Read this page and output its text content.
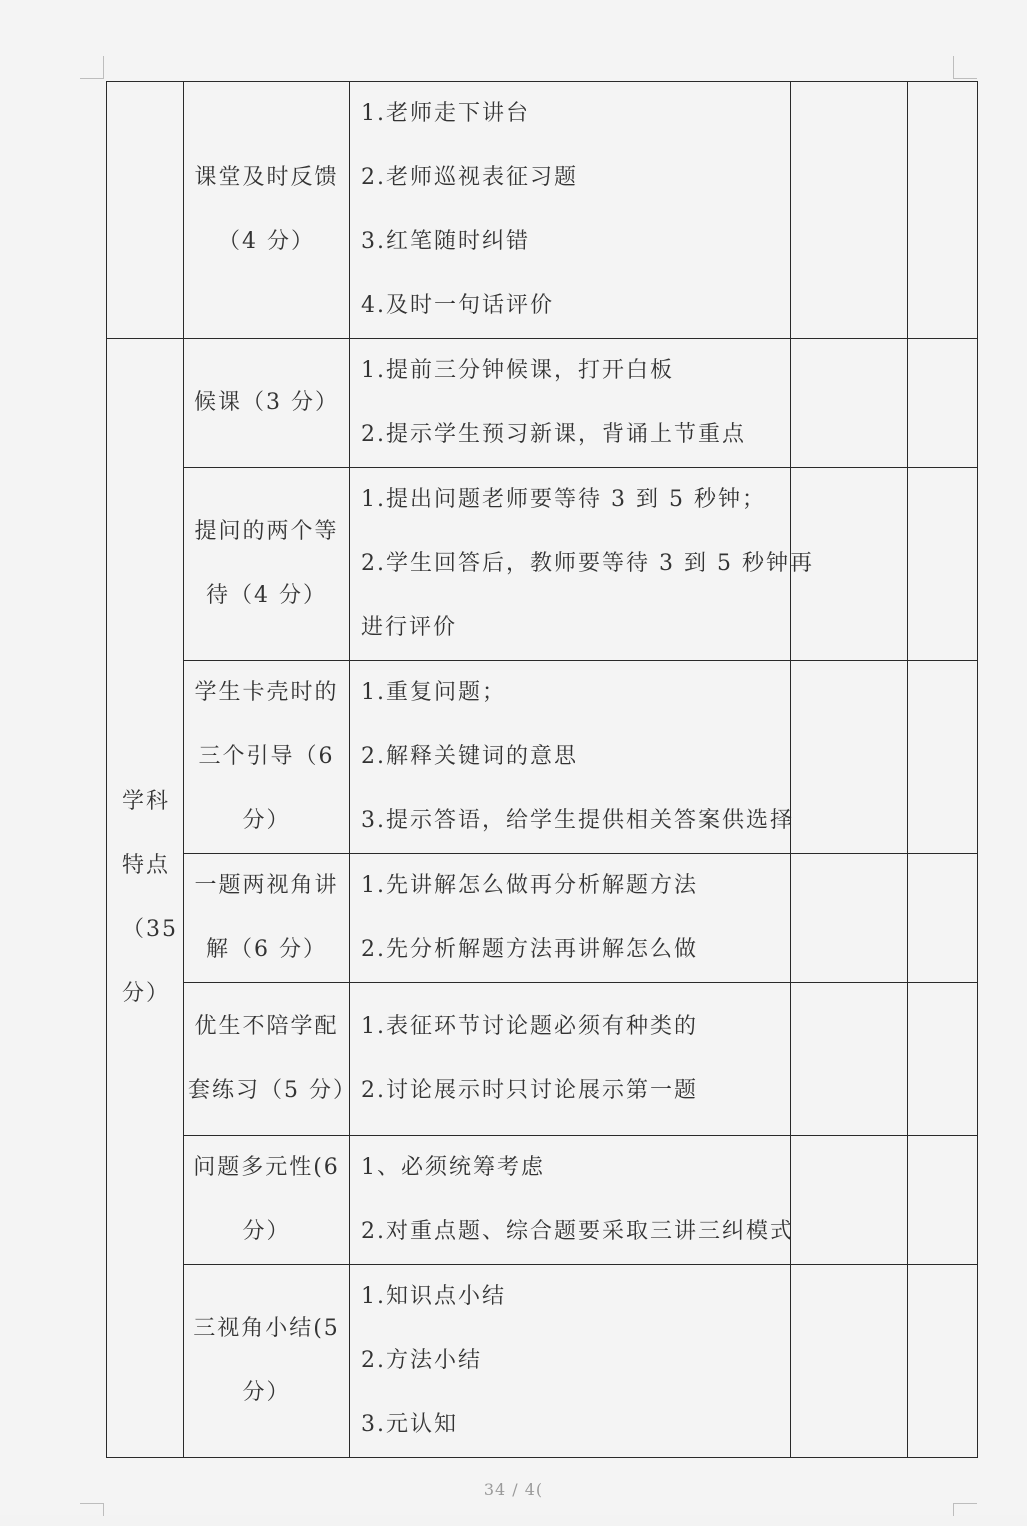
	课堂及时反馈
（4 分）	1.老师走下讲台
2.老师巡视表征习题
3.红笔随时纠错
4.及时一句话评价		

学科
特点
（35
分）	候课（3 分）	1.提前三分钟候课，打开白板
2.提示学生预习新课，背诵上节重点		

	提问的两个等
待（4 分）	1.提出问题老师要等待 3 到 5 秒钟；
2.学生回答后，教师要等待 3 到 5 秒钟再
进行评价		

	学生卡壳时的
三个引导（6
分）	1.重复问题；
2.解释关键词的意思
3.提示答语，给学生提供相关答案供选择		

	一题两视角讲
解（6 分）	1.先讲解怎么做再分析解题方法
2.先分析解题方法再讲解怎么做		

	优生不陪学配
套练习（5 分）	1.表征环节讨论题必须有种类的
2.讨论展示时只讨论展示第一题		

	问题多元性(6
分）	1、必须统筹考虑
2.对重点题、综合题要采取三讲三纠模式		

	三视角小结(5
分）	1.知识点小结
2.方法小结
3.元认知		

34 / 4(
